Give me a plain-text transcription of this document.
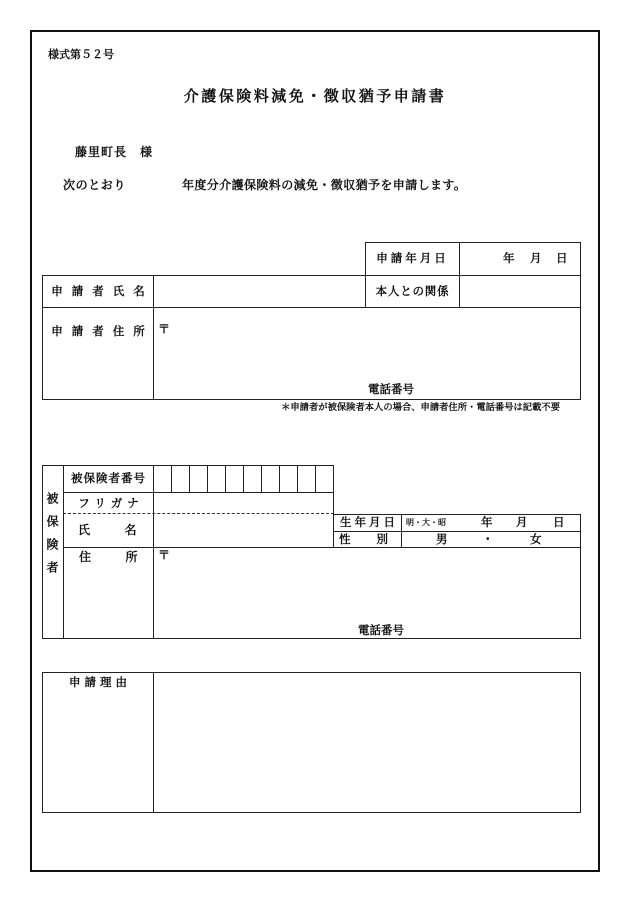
様式第５２号
介護保険料減免・徴収猶予申請書
藤里町長　様
次のとおり	年度分介護保険料の減免・徴収猶予を申請します。
申請年月日	年 月 日
申請者氏名	本人との関係
申請者住所 〒
電話番号
＊申請者が被保険者本人の場合、申請者住所・電話番号は記載不要
被保険者
被保険者番号
フリガナ
氏　　名
生年月日 明・大・昭	年 月 日
性　　別	男	・	女
住　　所 〒
電話番号
申請理由
